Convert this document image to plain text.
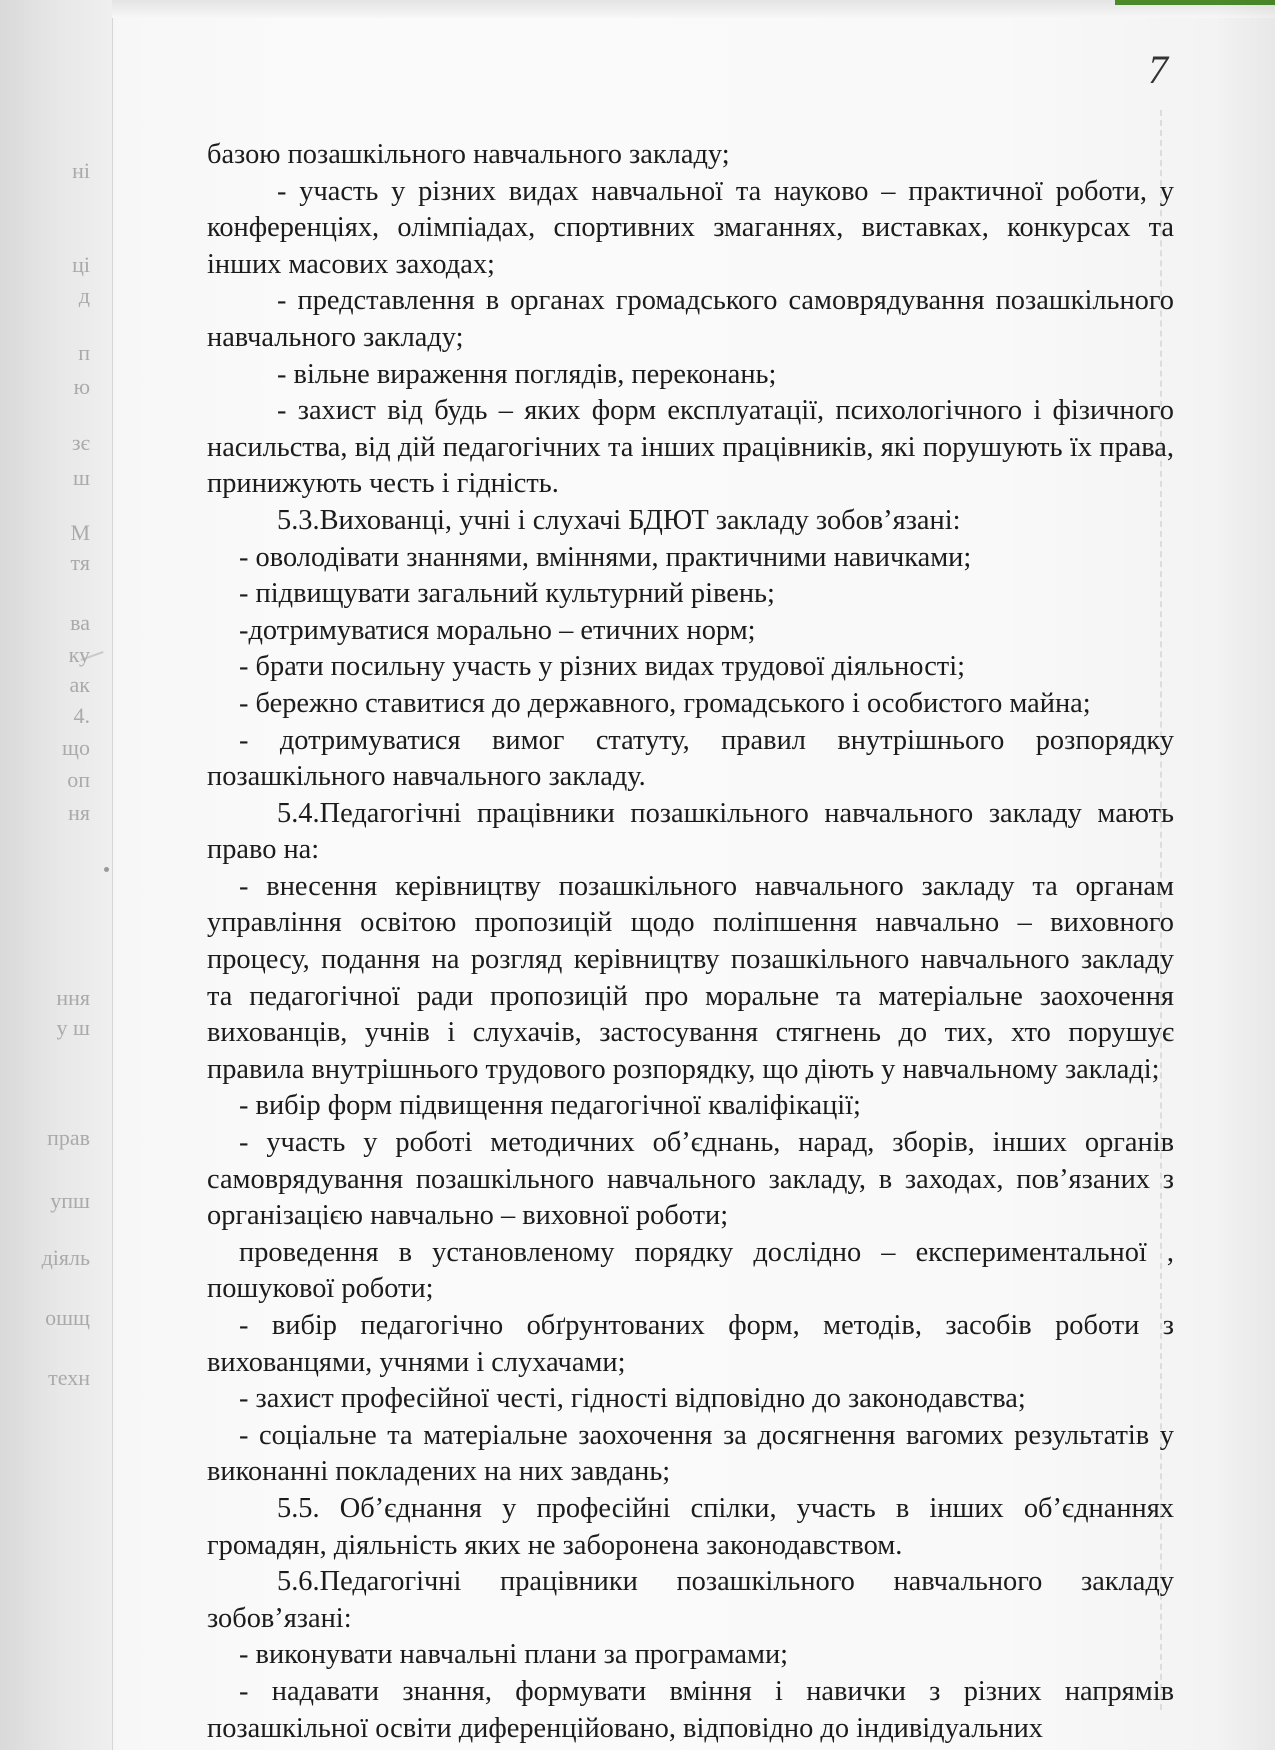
ні
ці
д
п
ю
зє
ш
М
тя
ва
ку
ак
4.
що
оп
ня
ння
у ш
прав
упш
діяль
ошщ
техн
7

базою позашкільного навчального закладу;

- участь у різних видах навчальної та науково – практичної роботи, у конференціях, олімпіадах, спортивних змаганнях, виставках, конкурсах та інших масових заходах;

- представлення в органах громадського самоврядування позашкільного навчального закладу;

- вільне вираження поглядів, переконань;

- захист від будь – яких форм експлуатації, психологічного і фізичного насильства, від дій педагогічних та інших працівників, які порушують їх права, принижують честь і гідність.

5.3.Вихованці, учні і слухачі БДЮТ закладу зобов’язані:

- оволодівати знаннями, вміннями, практичними навичками;

- підвищувати загальний культурний рівень;

-дотримуватися морально – етичних норм;

- брати посильну участь у різних видах трудової діяльності;

- бережно ставитися до державного, громадського і особистого майна;

- дотримуватися вимог статуту, правил внутрішнього розпорядку позашкільного навчального закладу.

5.4.Педагогічні працівники позашкільного навчального закладу мають право на:

- внесення керівництву позашкільного навчального закладу та органам управління освітою пропозицій щодо поліпшення навчально – виховного процесу, подання на розгляд керівництву позашкільного навчального закладу та педагогічної ради пропозицій про моральне та матеріальне заохочення вихованців, учнів і слухачів, застосування стягнень до тих, хто порушує правила внутрішнього трудового розпорядку, що діють у навчальному закладі;

- вибір форм підвищення педагогічної кваліфікації;

- участь у роботі методичних об’єднань, нарад, зборів, інших органів самоврядування позашкільного навчального закладу, в заходах, пов’язаних з організацією навчально – виховної роботи;

проведення в установленому порядку дослідно – експериментальної , пошукової роботи;

- вибір педагогічно обґрунтованих форм, методів, засобів роботи з вихованцями, учнями і слухачами;

- захист професійної честі, гідності відповідно до законодавства;

- соціальне та матеріальне заохочення за досягнення вагомих результатів у виконанні покладених на них завдань;

5.5. Об’єднання у професійні спілки, участь в інших об’єднаннях громадян, діяльність яких не заборонена законодавством.

5.6.Педагогічні працівники позашкільного навчального закладу зобов’язані:

- виконувати навчальні плани за програмами;

- надавати знання, формувати вміння і навички з різних напрямів позашкільної освіти диференційовано, відповідно до індивідуальних
